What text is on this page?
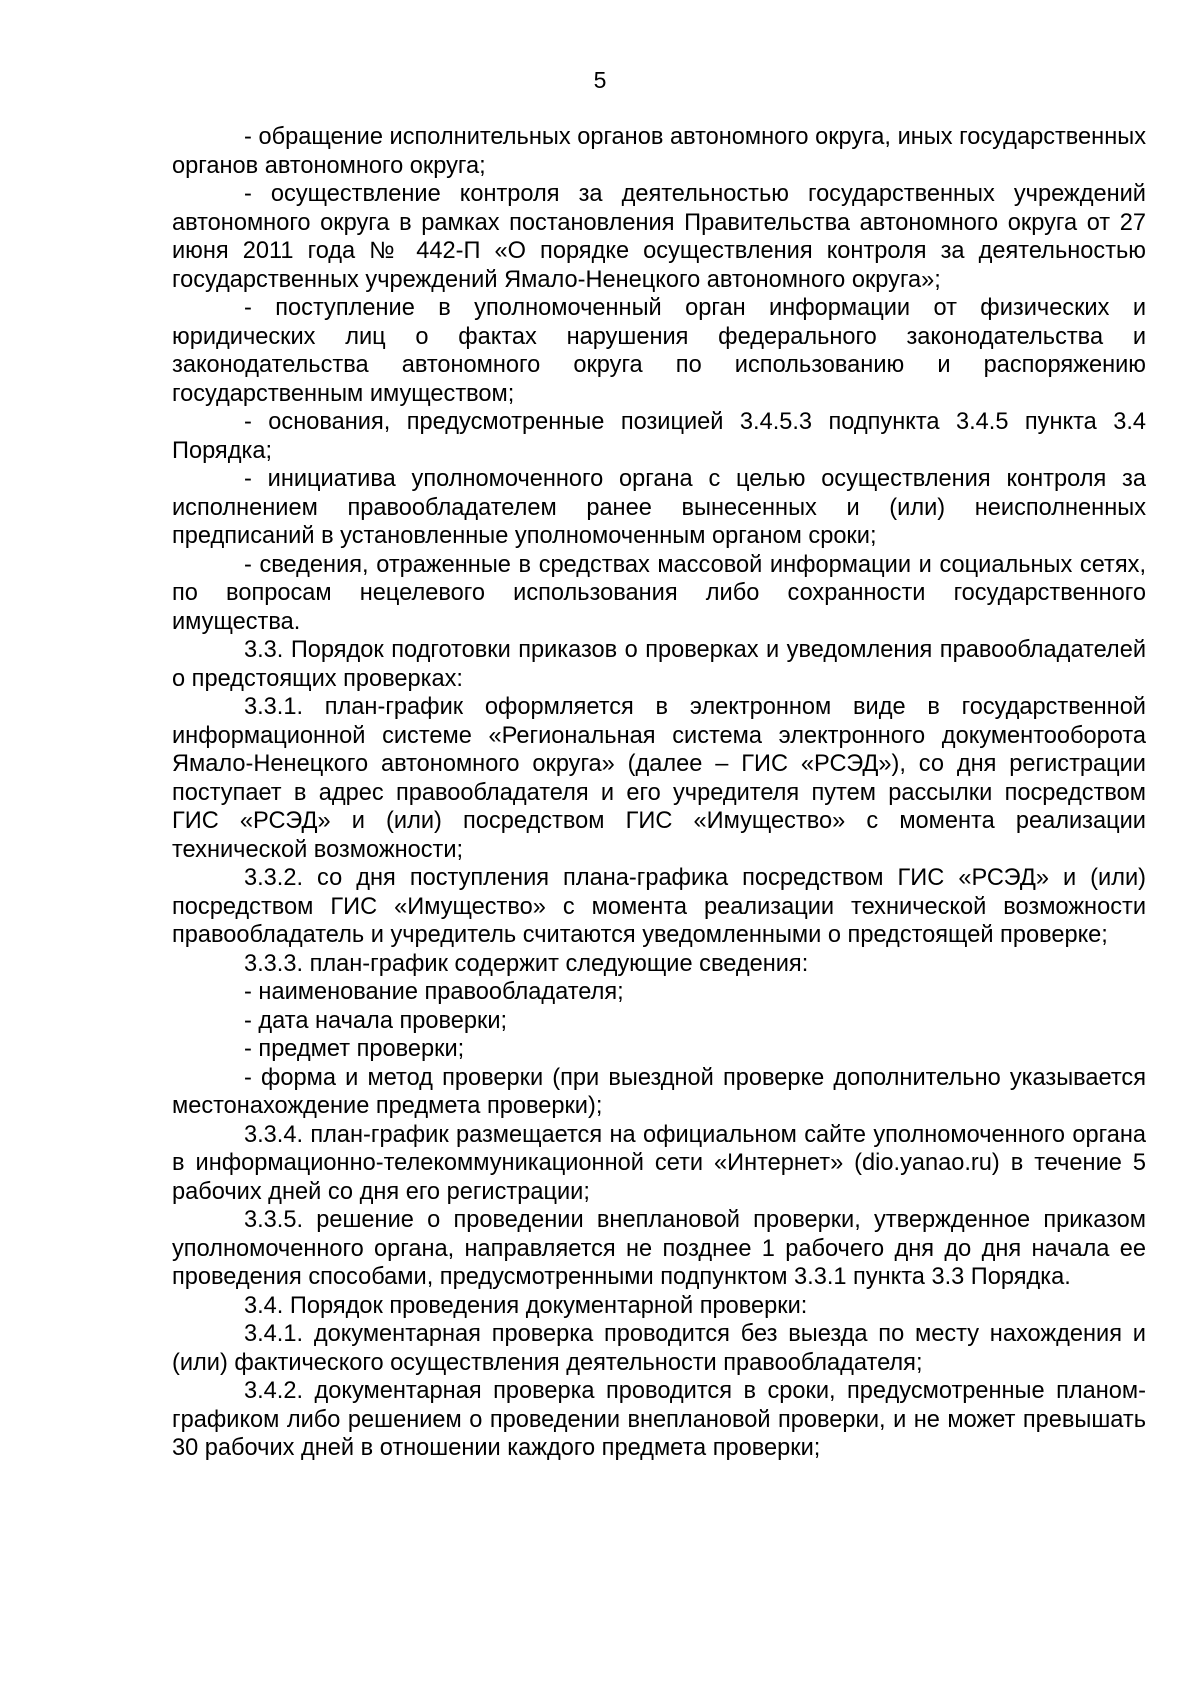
5

- обращение исполнительных органов автономного округа, иных государственных органов автономного округа;

- осуществление контроля за деятельностью государственных учреждений автономного округа в рамках постановления Правительства автономного округа от 27 июня 2011 года № 442-П «О порядке осуществления контроля за деятельностью государственных учреждений Ямало-Ненецкого автономного округа»;

- поступление в уполномоченный орган информации от физических и юридических лиц о фактах нарушения федерального законодательства и законодательства автономного округа по использованию и распоряжению государственным имуществом;

- основания, предусмотренные позицией 3.4.5.3 подпункта 3.4.5 пункта 3.4 Порядка;

- инициатива уполномоченного органа с целью осуществления контроля за исполнением правообладателем ранее вынесенных и (или) неисполненных предписаний в установленные уполномоченным органом сроки;

- сведения, отраженные в средствах массовой информации и социальных сетях, по вопросам нецелевого использования либо сохранности государственного имущества.

3.3. Порядок подготовки приказов о проверках и уведомления правообладателей о предстоящих проверках:

3.3.1. план-график оформляется в электронном виде в государственной информационной системе «Региональная система электронного документооборота Ямало-Ненецкого автономного округа» (далее – ГИС «РСЭД»), со дня регистрации поступает в адрес правообладателя и его учредителя путем рассылки посредством ГИС «РСЭД» и (или) посредством ГИС «Имущество» с момента реализации технической возможности;

3.3.2. со дня поступления плана-графика посредством ГИС «РСЭД» и (или) посредством ГИС «Имущество» с момента реализации технической возможности правообладатель и учредитель считаются уведомленными о предстоящей проверке;

3.3.3. план-график содержит следующие сведения:

- наименование правообладателя;

- дата начала проверки;

- предмет проверки;

- форма и метод проверки (при выездной проверке дополнительно указывается местонахождение предмета проверки);

3.3.4. план-график размещается на официальном сайте уполномоченного органа в информационно-телекоммуникационной сети «Интернет» (dio.yanao.ru) в течение 5 рабочих дней со дня его регистрации;

3.3.5. решение о проведении внеплановой проверки, утвержденное приказом уполномоченного органа, направляется не позднее 1 рабочего дня до дня начала ее проведения способами, предусмотренными подпунктом 3.3.1 пункта 3.3 Порядка.

3.4. Порядок проведения документарной проверки:

3.4.1. документарная проверка проводится без выезда по месту нахождения и (или) фактического осуществления деятельности правообладателя;

3.4.2. документарная проверка проводится в сроки, предусмотренные планом-графиком либо решением о проведении внеплановой проверки, и не может превышать 30 рабочих дней в отношении каждого предмета проверки;
